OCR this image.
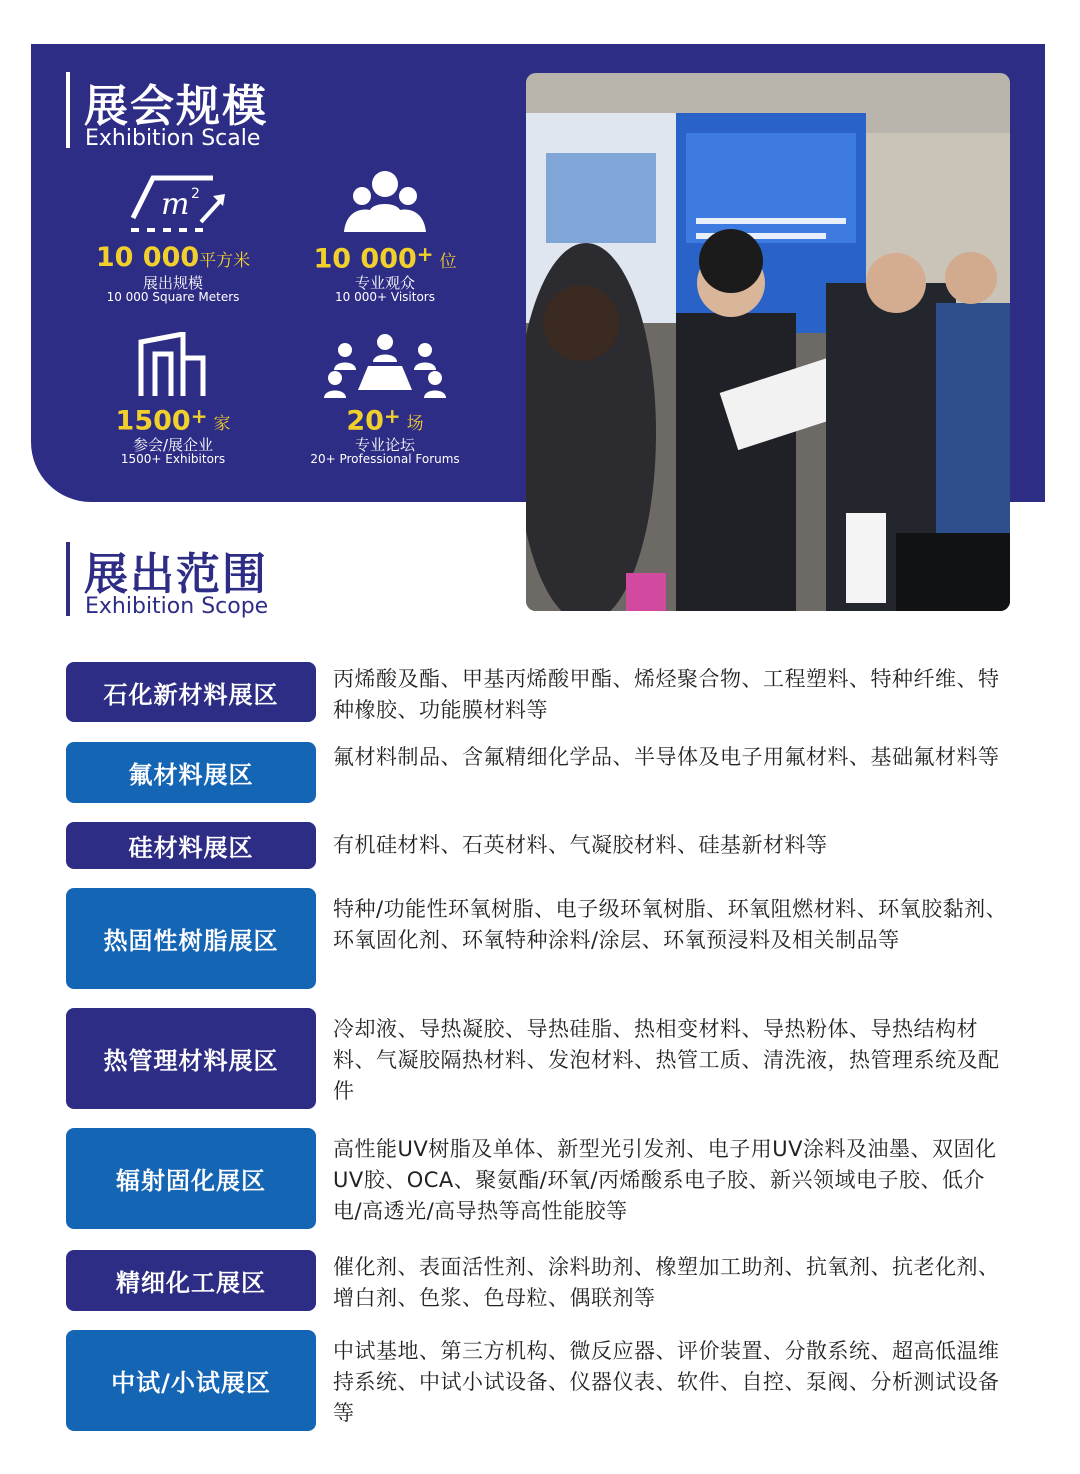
展会规模
Exhibition Scale
m 2
10 000平方米
展出规模
10 000 Square Meters
10 000+ 位
专业观众
10 000+ Visitors
1500+ 家
参会/展企业
1500+ Exhibitors
20+ 场
专业论坛
20+ Professional Forums
展出范围
Exhibition Scope
石化新材料展区
丙烯酸及酯、甲基丙烯酸甲酯、烯烃聚合物、工程塑料、特种纤维、特种橡胶、功能膜材料等
氟材料展区
氟材料制品、含氟精细化学品、半导体及电子用氟材料、基础氟材料等
硅材料展区	有机硅材料、石英材料、气凝胶材料、硅基新材料等
热固性树脂展区
特种/功能性环氧树脂、电子级环氧树脂、环氧阻燃材料、环氧胶黏剂、环氧固化剂、环氧特种涂料/涂层、环氧预浸料及相关制品等
热管理材料展区
冷却液、导热凝胶、导热硅脂、热相变材料、导热粉体、导热结构材料、气凝胶隔热材料、发泡材料、热管工质、清洗液，热管理系统及配件
辐射固化展区
高性能UV树脂及单体、新型光引发剂、电子用UV涂料及油墨、双固化UV胶、OCA、聚氨酯/环氧/丙烯酸系电子胶、新兴领域电子胶、低介电/高透光/高导热等高性能胶等
精细化工展区
催化剂、表面活性剂、涂料助剂、橡塑加工助剂、抗氧剂、抗老化剂、增白剂、色浆、色母粒、偶联剂等
中试/小试展区
中试基地、第三方机构、微反应器、评价装置、分散系统、超高低温维持系统、中试小试设备、仪器仪表、软件、自控、泵阀、分析测试设备等
